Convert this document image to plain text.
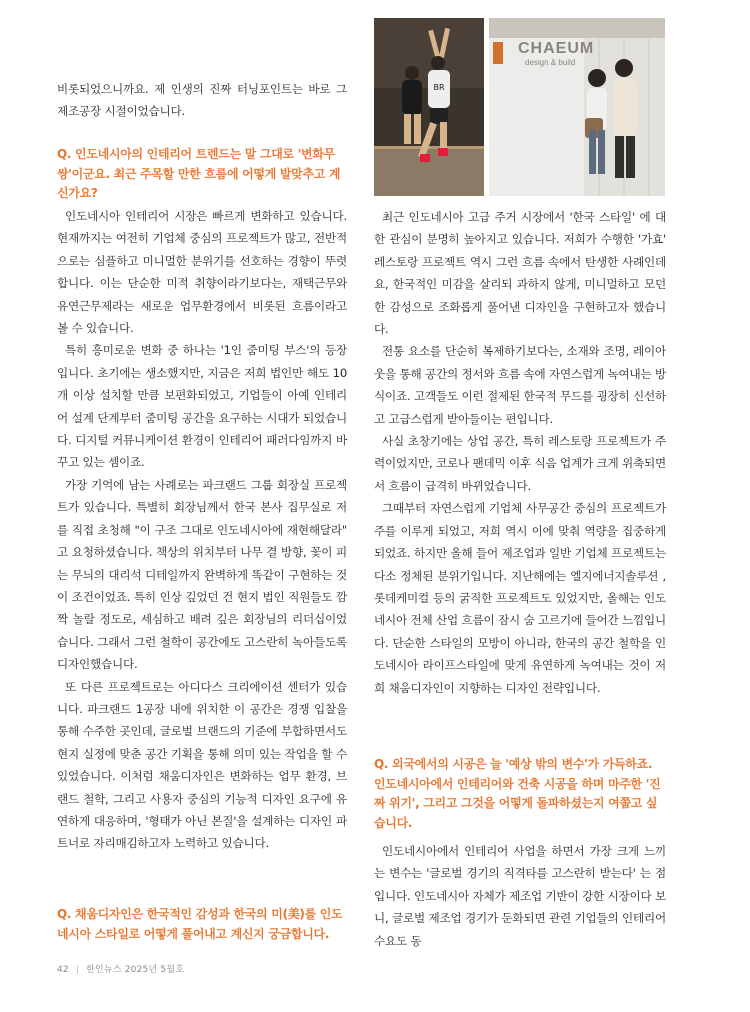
비롯되었으니까요. 제 인생의 진짜 터닝포인트는 바로 그 제조공장 시절이었습니다.

Q. 인도네시아의 인테리어 트렌드는 말 그대로 '변화무쌍'이군요. 최근 주목할 만한 흐름에 어떻게 발맞추고 계신가요?

인도네시아 인테리어 시장은 빠르게 변화하고 있습니다. 현재까지는 여전히 기업체 중심의 프로젝트가 많고, 전반적으로는 심플하고 미니멀한 분위기를 선호하는 경향이 뚜렷합니다. 이는 단순한 미적 취향이라기보다는, 재택근무와 유연근무제라는 새로운 업무환경에서 비롯된 흐름이라고 볼 수 있습니다.

특히 흥미로운 변화 중 하나는 '1인 줌미팅 부스'의 등장입니다. 초기에는 생소했지만, 지금은 저희 법인만 해도 10개 이상 설치할 만큼 보편화되었고, 기업들이 아예 인테리어 설계 단계부터 줌미팅 공간을 요구하는 시대가 되었습니다. 디지털 커뮤니케이션 환경이 인테리어 패러다임까지 바꾸고 있는 셈이죠.

가장 기억에 남는 사례로는 파크랜드 그룹 회장실 프로젝트가 있습니다. 특별히 회장님께서 한국 본사 집무실로 저를 직접 초청해 "이 구조 그대로 인도네시아에 재현해달라" 고 요청하셨습니다. 책상의 위치부터 나무 결 방향, 꽃이 피는 무늬의 대리석 디테일까지 완벽하게 똑같이 구현하는 것이 조건이었죠. 특히 인상 깊었던 건 현지 법인 직원들도 깜짝 놀랄 정도로, 세심하고 배려 깊은 회장님의 리더십이었습니다. 그래서 그런 철학이 공간에도 고스란히 녹아들도록 디자인했습니다.

또 다른 프로젝트로는 아디다스 크리에이션 센터가 있습니다. 파크랜드 1공장 내에 위치한 이 공간은 경쟁 입찰을 통해 수주한 곳인데, 글로벌 브랜드의 기준에 부합하면서도 현지 실정에 맞춘 공간 기획을 통해 의미 있는 작업을 할 수 있었습니다. 이처럼 채움디자인은 변화하는 업무 환경, 브랜드 철학, 그리고 사용자 중심의 기능적 디자인 요구에 유연하게 대응하며, '형태가 아닌 본질'을 설계하는 디자인 파트너로 자리매김하고자 노력하고 있습니다.

Q. 채움디자인은 한국적인 감성과 한국의 미(美)를 인도네시아 스타일로 어떻게 풀어내고 계신지 궁금합니다.

BR
CHAEUM
design & build

최근 인도네시아 고급 주거 시장에서 '한국 스타일' 에 대한 관심이 분명히 높아지고 있습니다. 저희가 수행한 '가효' 레스토랑 프로젝트 역시 그런 흐름 속에서 탄생한 사례인데요, 한국적인 미감을 살리되 과하지 않게, 미니멀하고 모던한 감성으로 조화롭게 풀어낸 디자인을 구현하고자 했습니다.

전통 요소를 단순히 복제하기보다는, 소재와 조명, 레이아웃을 통해 공간의 정서와 흐름 속에 자연스럽게 녹여내는 방식이죠. 고객들도 이런 절제된 한국적 무드를 굉장히 신선하고 고급스럽게 받아들이는 편입니다.

사실 초창기에는 상업 공간, 특히 레스토랑 프로젝트가 주력이었지만, 코로나 팬데믹 이후 식음 업계가 크게 위축되면서 흐름이 급격히 바뀌었습니다.

그때부터 자연스럽게 기업체 사무공간 중심의 프로젝트가 주를 이루게 되었고, 저희 역시 이에 맞춰 역량을 집중하게 되었죠. 하지만 올해 들어 제조업과 일반 기업체 프로젝트는 다소 정체된 분위기입니다. 지난해에는 엘지에너지솔루션 , 롯데케미컬 등의 굵직한 프로젝트도 있었지만, 올해는 인도네시아 전체 산업 흐름이 잠시 숨 고르기에 들어간 느낌입니다. 단순한 스타일의 모방이 아니라, 한국의 공간 철학을 인도네시아 라이프스타일에 맞게 유연하게 녹여내는 것이 저희 채움디자인이 지향하는 디자인 전략입니다.

Q. 외국에서의 시공은 늘 '예상 밖의 변수'가 가득하죠. 인도네시아에서 인테리어와 건축 시공을 하며 마주한 '진짜 위기', 그리고 그것을 어떻게 돌파하셨는지 여쭙고 싶습니다.

인도네시아에서 인테리어 사업을 하면서 가장 크게 느끼는 변수는 '글로벌 경기의 직격타를 고스란히 받는다' 는 점입니다. 인도네시아 자체가 제조업 기반이 강한 시장이다 보니, 글로벌 제조업 경기가 둔화되면 관련 기업들의 인테리어 수요도 동

42 | 한인뉴스 2025년 5월호
